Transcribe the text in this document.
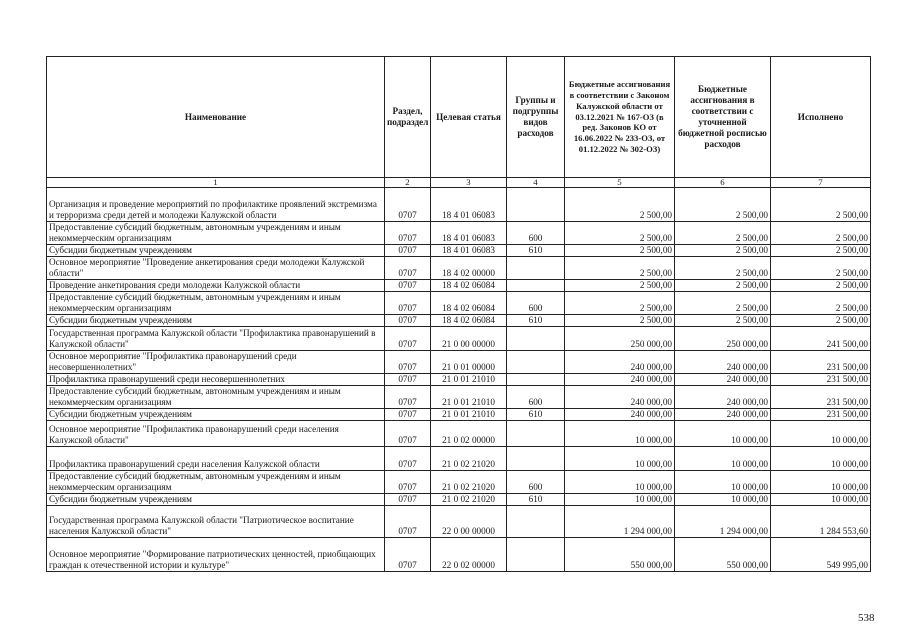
Наименование	Раздел, подраздел	Целевая статья	Группы и подгруппы видов расходов	Бюджетные ассигнования в соответствии с Законом Калужской области от 03.12.2021 № 167-ОЗ (в ред. Законов КО от 16.06.2022 № 233-ОЗ, от 01.12.2022 № 302-ОЗ)	Бюджетные ассигнования в соответствии с уточненной бюджетной росписью расходов	Исполнено
1	2	3	4	5	6	7
Организация и проведение мероприятий по профилактике проявлений экстремизма и терроризма среди детей и молодежи Калужской области	0707	18 4 01 06083		2 500,00	2 500,00	2 500,00
Предоставление субсидий бюджетным, автономным учреждениям и иным некоммерческим организациям	0707	18 4 01 06083	600	2 500,00	2 500,00	2 500,00
Субсидии бюджетным учреждениям	0707	18 4 01 06083	610	2 500,00	2 500,00	2 500,00
Основное мероприятие "Проведение анкетирования среди молодежи Калужской области"	0707	18 4 02 00000		2 500,00	2 500,00	2 500,00
Проведение анкетирования среди молодежи Калужской области	0707	18 4 02 06084		2 500,00	2 500,00	2 500,00
Предоставление субсидий бюджетным, автономным учреждениям и иным некоммерческим организациям	0707	18 4 02 06084	600	2 500,00	2 500,00	2 500,00
Субсидии бюджетным учреждениям	0707	18 4 02 06084	610	2 500,00	2 500,00	2 500,00
Государственная программа Калужской области "Профилактика правонарушений в Калужской области"	0707	21 0 00 00000		250 000,00	250 000,00	241 500,00
Основное мероприятие "Профилактика правонарушений среди несовершеннолетних"	0707	21 0 01 00000		240 000,00	240 000,00	231 500,00
Профилактика правонарушений среди несовершеннолетних	0707	21 0 01 21010		240 000,00	240 000,00	231 500,00
Предоставление субсидий бюджетным, автономным учреждениям и иным некоммерческим организациям	0707	21 0 01 21010	600	240 000,00	240 000,00	231 500,00
Субсидии бюджетным учреждениям	0707	21 0 01 21010	610	240 000,00	240 000,00	231 500,00
Основное мероприятие "Профилактика правонарушений среди населения Калужской области"	0707	21 0 02 00000		10 000,00	10 000,00	10 000,00
Профилактика правонарушений среди населения Калужской области	0707	21 0 02 21020		10 000,00	10 000,00	10 000,00
Предоставление субсидий бюджетным, автономным учреждениям и иным некоммерческим организациям	0707	21 0 02 21020	600	10 000,00	10 000,00	10 000,00
Субсидии бюджетным учреждениям	0707	21 0 02 21020	610	10 000,00	10 000,00	10 000,00
Государственная программа Калужской области "Патриотическое воспитание населения Калужской области"	0707	22 0 00 00000		1 294 000,00	1 294 000,00	1 284 553,60
Основное мероприятие "Формирование патриотических ценностей, приобщающих граждан к отечественной истории и культуре"	0707	22 0 02 00000		550 000,00	550 000,00	549 995,00
538
